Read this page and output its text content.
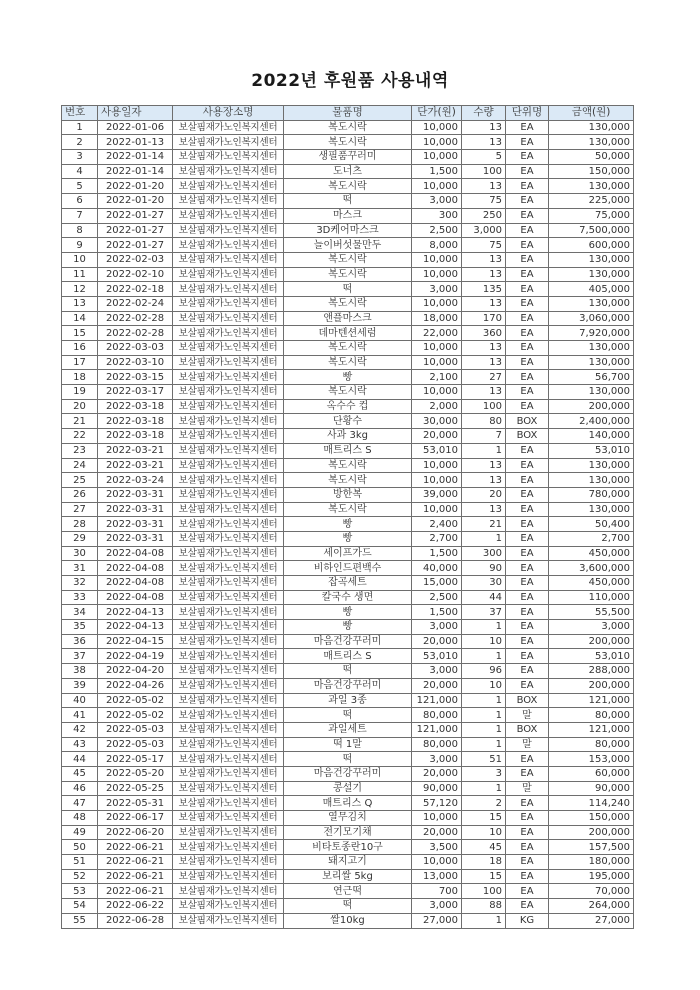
2022년 후원품 사용내역
번호	사용일자	사용장소명	물품명	단가(원)	수량	단위명	금액(원)
1	2022-01-06	보살핌재가노인복지센터	복도시락	10,000	13	EA	130,000
2	2022-01-13	보살핌재가노인복지센터	복도시락	10,000	13	EA	130,000
3	2022-01-14	보살핌재가노인복지센터	생필품꾸러미	10,000	5	EA	50,000
4	2022-01-14	보살핌재가노인복지센터	도너츠	1,500	100	EA	150,000
5	2022-01-20	보살핌재가노인복지센터	복도시락	10,000	13	EA	130,000
6	2022-01-20	보살핌재가노인복지센터	떡	3,000	75	EA	225,000
7	2022-01-27	보살핌재가노인복지센터	마스크	300	250	EA	75,000
8	2022-01-27	보살핌재가노인복지센터	3D케어마스크	2,500	3,000	EA	7,500,000
9	2022-01-27	보살핌재가노인복지센터	늘이버섯물만두	8,000	75	EA	600,000
10	2022-02-03	보살핌재가노인복지센터	복도시락	10,000	13	EA	130,000
11	2022-02-10	보살핌재가노인복지센터	복도시락	10,000	13	EA	130,000
12	2022-02-18	보살핌재가노인복지센터	떡	3,000	135	EA	405,000
13	2022-02-24	보살핌재가노인복지센터	복도시락	10,000	13	EA	130,000
14	2022-02-28	보살핌재가노인복지센터	앤플마스크	18,000	170	EA	3,060,000
15	2022-02-28	보살핌재가노인복지센터	데마텐션세럼	22,000	360	EA	7,920,000
16	2022-03-03	보살핌재가노인복지센터	복도시락	10,000	13	EA	130,000
17	2022-03-10	보살핌재가노인복지센터	복도시락	10,000	13	EA	130,000
18	2022-03-15	보살핌재가노인복지센터	빵	2,100	27	EA	56,700
19	2022-03-17	보살핌재가노인복지센터	복도시락	10,000	13	EA	130,000
20	2022-03-18	보살핌재가노인복지센터	옥수수 컵	2,000	100	EA	200,000
21	2022-03-18	보살핌재가노인복지센터	단황수	30,000	80	BOX	2,400,000
22	2022-03-18	보살핌재가노인복지센터	사과 3kg	20,000	7	BOX	140,000
23	2022-03-21	보살핌재가노인복지센터	매트리스 S	53,010	1	EA	53,010
24	2022-03-21	보살핌재가노인복지센터	복도시락	10,000	13	EA	130,000
25	2022-03-24	보살핌재가노인복지센터	복도시락	10,000	13	EA	130,000
26	2022-03-31	보살핌재가노인복지센터	방한복	39,000	20	EA	780,000
27	2022-03-31	보살핌재가노인복지센터	복도시락	10,000	13	EA	130,000
28	2022-03-31	보살핌재가노인복지센터	빵	2,400	21	EA	50,400
29	2022-03-31	보살핌재가노인복지센터	빵	2,700	1	EA	2,700
30	2022-04-08	보살핌재가노인복지센터	세이프가드	1,500	300	EA	450,000
31	2022-04-08	보살핌재가노인복지센터	비하인드편백수	40,000	90	EA	3,600,000
32	2022-04-08	보살핌재가노인복지센터	잡곡세트	15,000	30	EA	450,000
33	2022-04-08	보살핌재가노인복지센터	칼국수 생면	2,500	44	EA	110,000
34	2022-04-13	보살핌재가노인복지센터	빵	1,500	37	EA	55,500
35	2022-04-13	보살핌재가노인복지센터	빵	3,000	1	EA	3,000
36	2022-04-15	보살핌재가노인복지센터	마음건강꾸러미	20,000	10	EA	200,000
37	2022-04-19	보살핌재가노인복지센터	매트리스 S	53,010	1	EA	53,010
38	2022-04-20	보살핌재가노인복지센터	떡	3,000	96	EA	288,000
39	2022-04-26	보살핌재가노인복지센터	마음건강꾸러미	20,000	10	EA	200,000
40	2022-05-02	보살핌재가노인복지센터	과일 3종	121,000	1	BOX	121,000
41	2022-05-02	보살핌재가노인복지센터	떡	80,000	1	말	80,000
42	2022-05-03	보살핌재가노인복지센터	과일세트	121,000	1	BOX	121,000
43	2022-05-03	보살핌재가노인복지센터	떡 1말	80,000	1	말	80,000
44	2022-05-17	보살핌재가노인복지센터	떡	3,000	51	EA	153,000
45	2022-05-20	보살핌재가노인복지센터	마음건강꾸러미	20,000	3	EA	60,000
46	2022-05-25	보살핌재가노인복지센터	콩설기	90,000	1	말	90,000
47	2022-05-31	보살핌재가노인복지센터	매트리스 Q	57,120	2	EA	114,240
48	2022-06-17	보살핌재가노인복지센터	열무김치	10,000	15	EA	150,000
49	2022-06-20	보살핌재가노인복지센터	전기모기채	20,000	10	EA	200,000
50	2022-06-21	보살핌재가노인복지센터	비타토종란10구	3,500	45	EA	157,500
51	2022-06-21	보살핌재가노인복지센터	돼지고기	10,000	18	EA	180,000
52	2022-06-21	보살핌재가노인복지센터	보리쌀 5kg	13,000	15	EA	195,000
53	2022-06-21	보살핌재가노인복지센터	연근떡	700	100	EA	70,000
54	2022-06-22	보살핌재가노인복지센터	떡	3,000	88	EA	264,000
55	2022-06-28	보살핌재가노인복지센터	쌀10kg	27,000	1	KG	27,000
